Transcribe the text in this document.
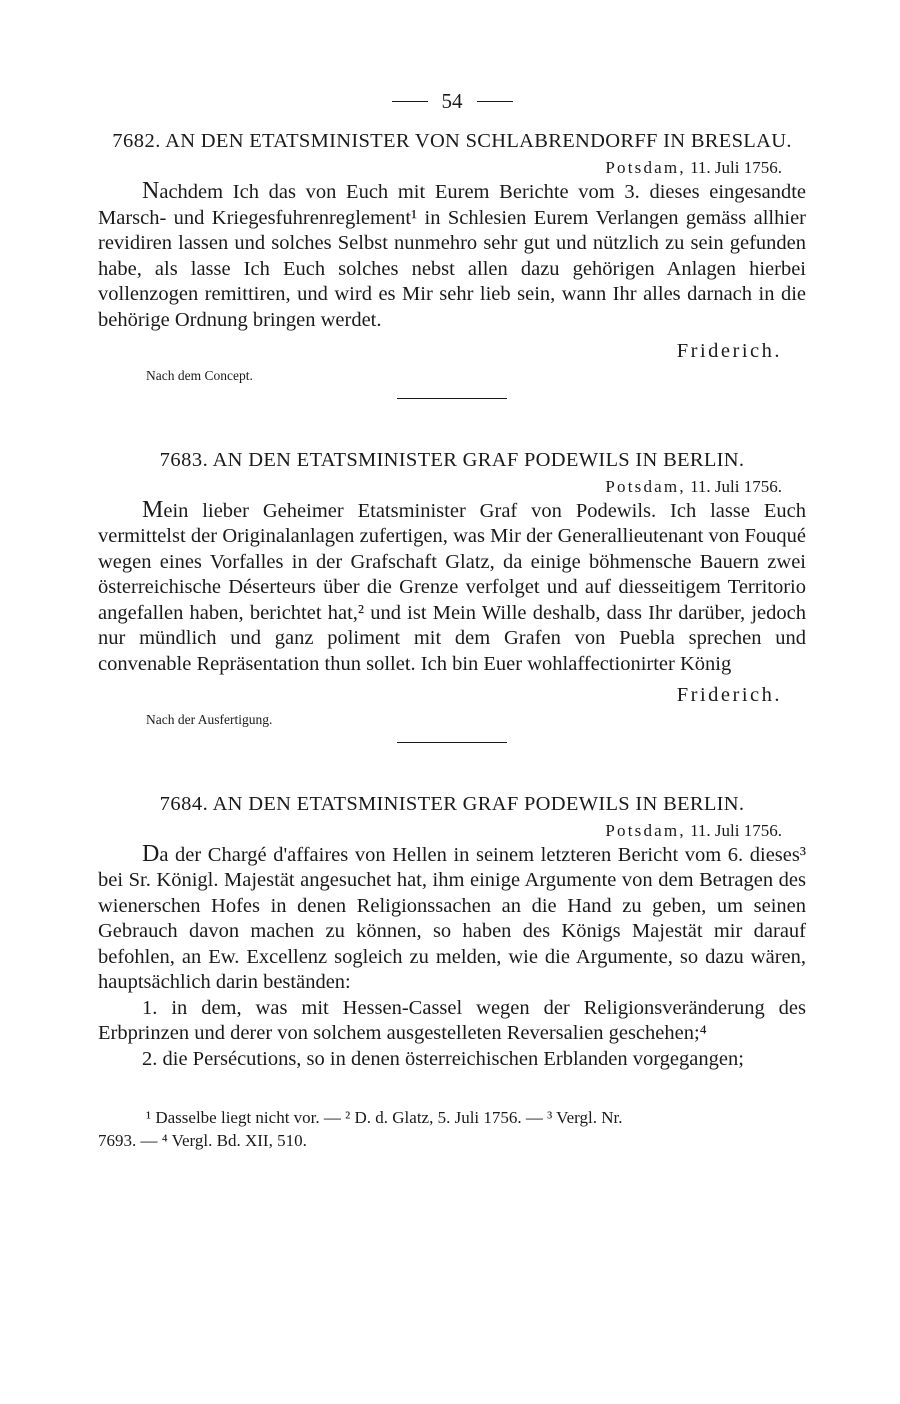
54
7682. AN DEN ETATSMINISTER VON SCHLABRENDORFF IN BRESLAU.
Potsdam, 11. Juli 1756.

Nachdem Ich das von Euch mit Eurem Berichte vom 3. dieses eingesandte Marsch- und Kriegesfuhrenreglement¹ in Schlesien Eurem Verlangen gemäss allhier revidiren lassen und solches Selbst nunmehro sehr gut und nützlich zu sein gefunden habe, als lasse Ich Euch solches nebst allen dazu gehörigen Anlagen hierbei vollenzogen remittiren, und wird es Mir sehr lieb sein, wann Ihr alles darnach in die behörige Ordnung bringen werdet.

Friderich.
Nach dem Concept.
7683. AN DEN ETATSMINISTER GRAF PODEWILS IN BERLIN.
Potsdam, 11. Juli 1756.

Mein lieber Geheimer Etatsminister Graf von Podewils. Ich lasse Euch vermittelst der Originalanlagen zufertigen, was Mir der Generallieutenant von Fouqué wegen eines Vorfalles in der Grafschaft Glatz, da einige böhmensche Bauern zwei österreichische Déserteurs über die Grenze verfolget und auf diesseitigem Territorio angefallen haben, berichtet hat,² und ist Mein Wille deshalb, dass Ihr darüber, jedoch nur mündlich und ganz poliment mit dem Grafen von Puebla sprechen und convenable Repräsentation thun sollet. Ich bin Euer wohlaffectionirter König

Friderich.
Nach der Ausfertigung.
7684. AN DEN ETATSMINISTER GRAF PODEWILS IN BERLIN.
Potsdam, 11. Juli 1756.

Da der Chargé d'affaires von Hellen in seinem letzteren Bericht vom 6. dieses³ bei Sr. Königl. Majestät angesuchet hat, ihm einige Argumente von dem Betragen des wienerschen Hofes in denen Religionssachen an die Hand zu geben, um seinen Gebrauch davon machen zu können, so haben des Königs Majestät mir darauf befohlen, an Ew. Excellenz sogleich zu melden, wie die Argumente, so dazu wären, hauptsächlich darin beständen:

1. in dem, was mit Hessen-Cassel wegen der Religionsveränderung des Erbprinzen und derer von solchem ausgestelleten Reversalien geschehen;⁴

2. die Persécutions, so in denen österreichischen Erblanden vorgegangen;

¹ Dasselbe liegt nicht vor. — ² D. d. Glatz, 5. Juli 1756. — ³ Vergl. Nr.
7693. — ⁴ Vergl. Bd. XII, 510.
